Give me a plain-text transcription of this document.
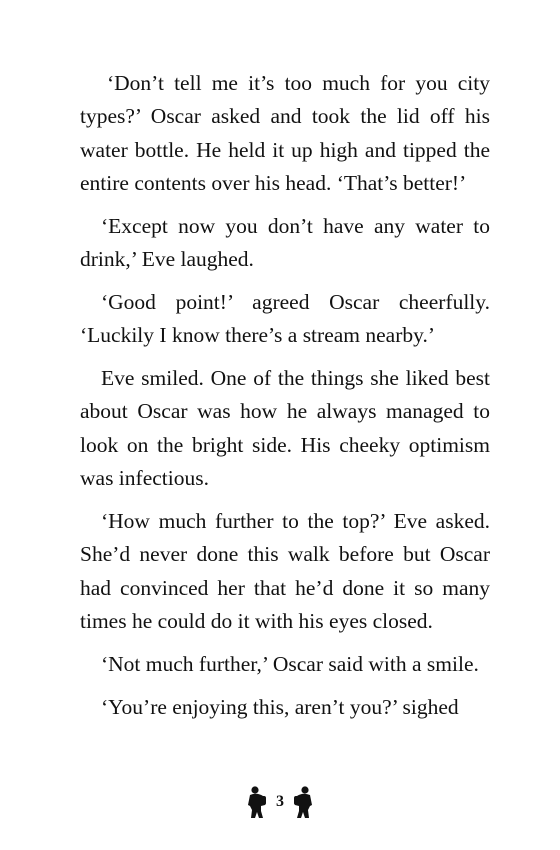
‘Don’t tell me it’s too much for you city types?’ Oscar asked and took the lid off his water bottle. He held it up high and tipped the entire contents over his head. ‘That’s better!’

‘Except now you don’t have any water to drink,’ Eve laughed.

‘Good point!’ agreed Oscar cheerfully. ‘Luckily I know there’s a stream nearby.’

Eve smiled. One of the things she liked best about Oscar was how he always managed to look on the bright side. His cheeky optimism was infectious.

‘How much further to the top?’ Eve asked. She’d never done this walk before but Oscar had convinced her that he’d done it so many times he could do it with his eyes closed.

‘Not much further,’ Oscar said with a smile.

‘You’re enjoying this, aren’t you?’ sighed

3
